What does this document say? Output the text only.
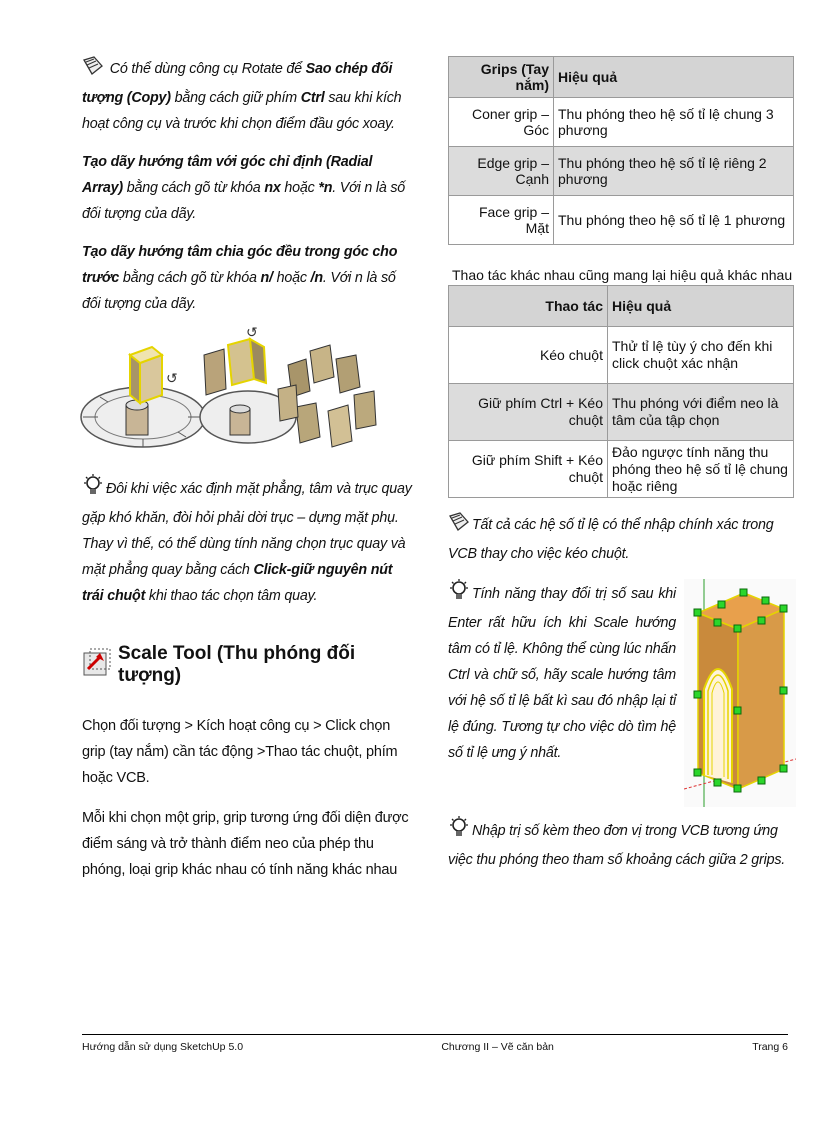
Có thể dùng công cụ Rotate để Sao chép đối tượng (Copy) bằng cách giữ phím Ctrl sau khi kích hoạt công cụ và trước khi chọn điểm đầu góc xoay.

Tạo dãy hướng tâm với góc chỉ định (Radial Array) bằng cách gõ từ khóa nx hoặc *n. Với n là số đối tượng của dãy.

Tạo dãy hướng tâm chia góc đều trong góc cho trước bằng cách gõ từ khóa n/ hoặc /n. Với n là số đối tượng của dãy.

↺
↺

Đôi khi việc xác định mặt phẳng, tâm và trục quay gặp khó khăn, đòi hỏi phải dời trục – dựng mặt phụ. Thay vì thế, có thể dùng tính năng chọn trục quay và mặt phẳng quay bằng cách Click-giữ nguyên nút trái chuột khi thao tác chọn tâm quay.

Scale Tool (Thu phóng đối tượng)

Chọn đối tượng > Kích hoạt công cụ > Click chọn grip (tay nắm) cần tác động >Thao tác chuột, phím hoặc VCB.

Mỗi khi chọn một grip, grip tương ứng đối diện được điểm sáng và trở thành điểm neo của phép thu phóng, loại grip khác nhau có tính năng khác nhau

Grips (Tay nắm)	Hiệu quả
Coner grip – Góc	Thu phóng theo hệ số tỉ lệ chung 3 phương
Edge grip – Cạnh	Thu phóng theo hệ số tỉ lệ riêng 2 phương
Face grip – Mặt	Thu phóng theo hệ số tỉ lệ 1 phương
Thao tác khác nhau cũng mang lại hiệu quả khác nhau
Thao tác	Hiệu quả
Kéo chuột	Thử tỉ lệ tùy ý cho đến khi click chuột xác nhận
Giữ phím Ctrl + Kéo chuột	Thu phóng với điểm neo là tâm của tập chọn
Giữ phím Shift + Kéo chuột	Đảo ngược tính năng thu phóng theo hệ số tỉ lệ chung hoặc riêng

Tất cả các hệ số tỉ lệ có thể nhập chính xác trong VCB thay cho việc kéo chuột.

Tính năng thay đổi trị số sau khi Enter rất hữu ích khi Scale hướng tâm có tỉ lệ. Không thể cùng lúc nhấn Ctrl và chữ số, hãy scale hướng tâm với hệ số tỉ lệ bất kì sau đó nhập lại tỉ lệ đúng. Tương tự cho việc dò tìm hệ số tỉ lệ ưng ý nhất.

Nhập trị số kèm theo đơn vị trong VCB tương ứng việc thu phóng theo tham số khoảng cách giữa 2 grips.

Hướng dẫn sử dụng SketchUp 5.0	Chương II – Vẽ căn bản	Trang 6
